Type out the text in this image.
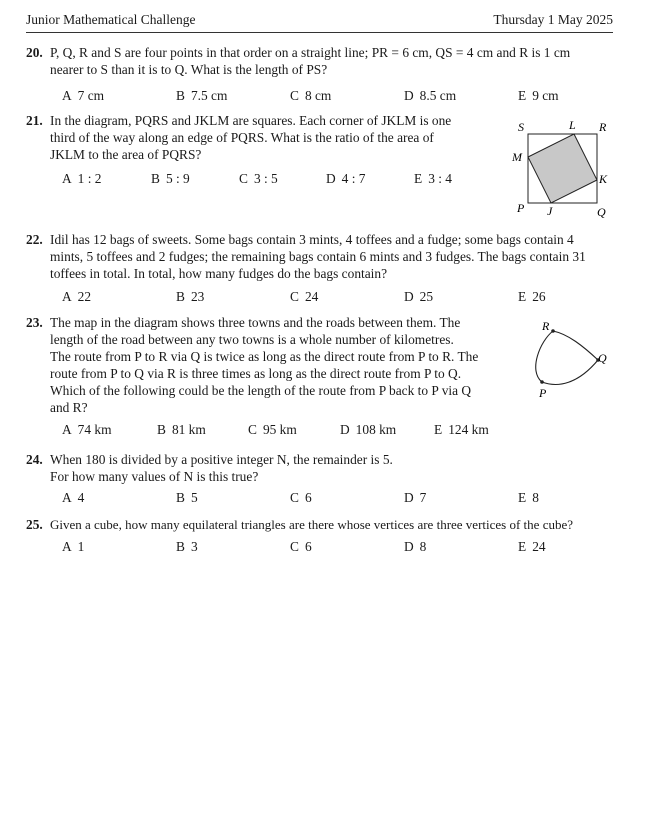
Junior Mathematical Challenge	Thursday 1 May 2025
20. P, Q, R and S are four points in that order on a straight line; PR = 6 cm, QS = 4 cm and R is 1 cm
nearer to S than it is to Q. What is the length of PS?
A 7 cm	B 7.5 cm	C 8 cm	D 8.5 cm	E 9 cm
21. In the diagram, PQRS and JKLM are squares. Each corner of JKLM is one
third of the way along an edge of PQRS. What is the ratio of the area of
JKLM to the area of PQRS?
A 1 : 2	B 5 : 9	C 3 : 5	D 4 : 7	E 3 : 4
S	L R
M
K
P J	Q
22. Idil has 12 bags of sweets. Some bags contain 3 mints, 4 toffees and a fudge; some bags contain 4
mints, 5 toffees and 2 fudges; the remaining bags contain 6 mints and 3 fudges. The bags contain 31
toffees in total. In total, how many fudges do the bags contain?
A 22	B 23	C 24	D 25	E 26
23. The map in the diagram shows three towns and the roads between them. The
length of the road between any two towns is a whole number of kilometres.
The route from P to R via Q is twice as long as the direct route from P to R. The
route from P to Q via R is three times as long as the direct route from P to Q.
Which of the following could be the length of the route from P back to P via Q
and R?
A 74 km	B 81 km	C 95 km	D 108 km	E 124 km
R
Q
P
24. When 180 is divided by a positive integer N, the remainder is 5.
For how many values of N is this true?
A 4	B 5	C 6	D 7	E 8
25. Given a cube, how many equilateral triangles are there whose vertices are three vertices of the cube?
A 1	B 3	C 6	D 8	E 24
